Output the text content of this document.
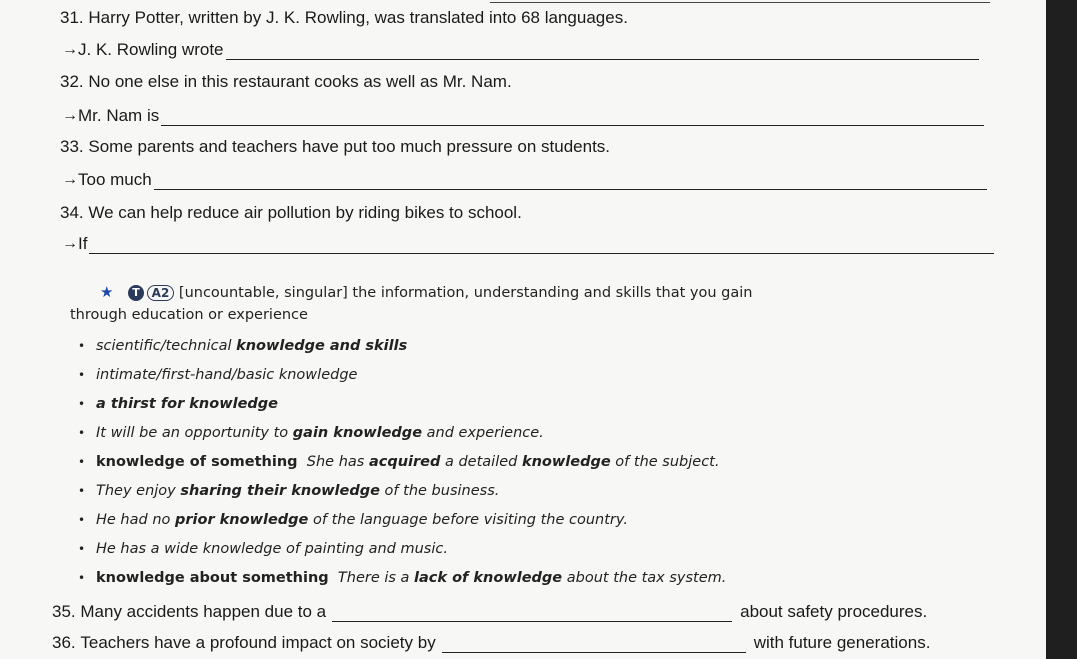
31. Harry Potter, written by J. K. Rowling, was translated into 68 languages.
→ J. K. Rowling wrote
32. No one else in this restaurant cooks as well as Mr. Nam.
→ Mr. Nam is
33. Some parents and teachers have put too much pressure on students.
→ Too much
34. We can help reduce air pollution by riding bikes to school.
→ If
★ T A2 [uncountable, singular] the information, understanding and skills that you gain
through education or experience
• scientific/technical knowledge and skills
• intimate/first-hand/basic knowledge
• a thirst for knowledge
• It will be an opportunity to gain knowledge and experience.
• knowledge of something She has acquired a detailed knowledge of the subject.
• They enjoy sharing their knowledge of the business.
• He had no prior knowledge of the language before visiting the country.
• He has a wide knowledge of painting and music.
• knowledge about something There is a lack of knowledge about the tax system.
35.
Many accidents happen due to a	about safety procedures.
36.
Teachers have a profound impact on society by	with future generations.
